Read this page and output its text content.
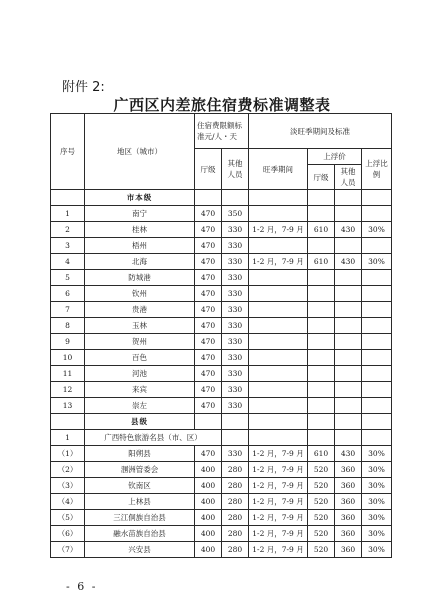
附件 2:
广西区内差旅住宿费标准调整表
序号	地区（城市）	住宿费限额标准元/人・天		淡旺季期间及标准			
		厅级	其他人员	旺季期间	上浮价		上浮比例
					厅级	其他人员	
	市本级						
1	南宁	470	350				
2	桂林	470	330	1-2 月，7-9 月	610	430	30%
3	梧州	470	330				
4	北海	470	330	1-2 月，7-9 月	610	430	30%
5	防城港	470	330				
6	钦州	470	330				
7	贵港	470	330				
8	玉林	470	330				
9	贺州	470	330				
10	百色	470	330				
11	河池	470	330				
12	来宾	470	330				
13	崇左	470	330				
	县级						
1	广西特色旅游名县（市、区）						
（1）	阳朔县	470	330	1-2 月，7-9 月	610	430	30%
（2）	涠洲管委会	400	280	1-2 月，7-9 月	520	360	30%
（3）	钦南区	400	280	1-2 月，7-9 月	520	360	30%
（4）	上林县	400	280	1-2 月，7-9 月	520	360	30%
（5）	三江侗族自治县	400	280	1-2 月，7-9 月	520	360	30%
（6）	融水苗族自治县	400	280	1-2 月，7-9 月	520	360	30%
（7）	兴安县	400	280	1-2 月，7-9 月	520	360	30%
- 6 -
